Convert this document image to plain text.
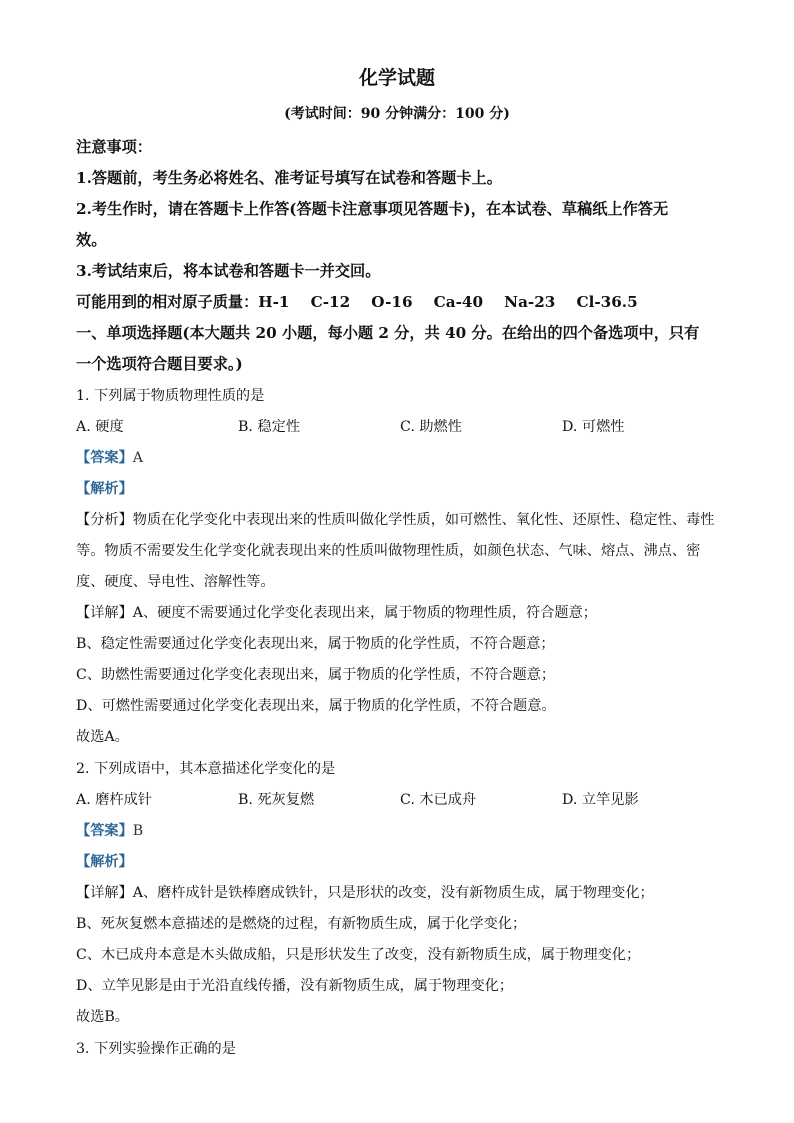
化学试题
(考试时间：90 分钟满分：100 分)
注意事项：
1.答题前，考生务必将姓名、准考证号填写在试卷和答题卡上。
2.考生作时，请在答题卡上作答(答题卡注意事项见答题卡)，在本试卷、草稿纸上作答无
效。
3.考试结束后，将本试卷和答题卡一并交回。
可能用到的相对原子质量：H-1    C-12    O-16    Ca-40    Na-23    Cl-36.5
一、单项选择题(本大题共 20 小题，每小题 2 分，共 40 分。在给出的四个备选项中，只有
一个选项符合题目要求。)
1. 下列属于物质物理性质的是
A. 硬度	B. 稳定性	C. 助燃性	D. 可燃性
【答案】A
【解析】
【分析】物质在化学变化中表现出来的性质叫做化学性质，如可燃性、氧化性、还原性、稳定性、毒性
等。物质不需要发生化学变化就表现出来的性质叫做物理性质，如颜色状态、气味、熔点、沸点、密
度、硬度、导电性、溶解性等。
【详解】A、硬度不需要通过化学变化表现出来，属于物质的物理性质，符合题意；
B、稳定性需要通过化学变化表现出来，属于物质的化学性质，不符合题意；
C、助燃性需要通过化学变化表现出来，属于物质的化学性质，不符合题意；
D、可燃性需要通过化学变化表现出来，属于物质的化学性质，不符合题意。
故选A。
2. 下列成语中，其本意描述化学变化的是
A. 磨杵成针	B. 死灰复燃	C. 木已成舟	D. 立竿见影
【答案】B
【解析】
【详解】A、磨杵成针是铁棒磨成铁针，只是形状的改变，没有新物质生成，属于物理变化；
B、死灰复燃本意描述的是燃烧的过程，有新物质生成，属于化学变化；
C、木已成舟本意是木头做成船，只是形状发生了改变，没有新物质生成，属于物理变化；
D、立竿见影是由于光沿直线传播，没有新物质生成，属于物理变化；
故选B。
3. 下列实验操作正确的是
